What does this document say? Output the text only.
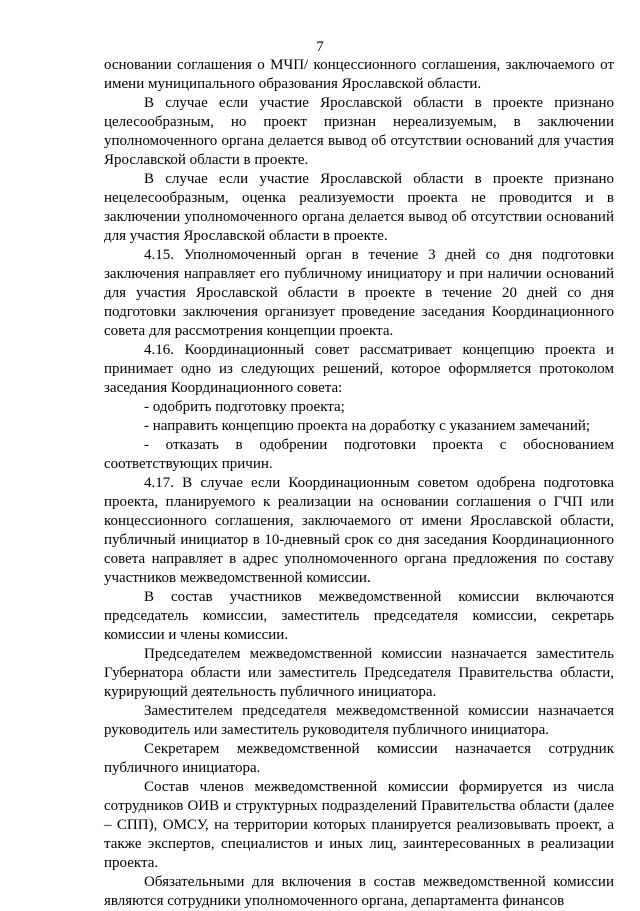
7

основании соглашения о МЧП/ концессионного соглашения, заключаемого от имени муниципального образования Ярославской области.

В случае если участие Ярославской области в проекте признано целесообразным, но проект признан нереализуемым, в заключении уполномоченного органа делается вывод об отсутствии оснований для участия Ярославской области в проекте.

В случае если участие Ярославской области в проекте признано нецелесообразным, оценка реализуемости проекта не проводится и в заключении уполномоченного органа делается вывод об отсутствии оснований для участия Ярославской области в проекте.

4.15. Уполномоченный орган в течение 3 дней со дня подготовки заключения направляет его публичному инициатору и при наличии оснований для участия Ярославской области в проекте в течение 20 дней со дня подготовки заключения организует проведение заседания Координационного совета для рассмотрения концепции проекта.

4.16. Координационный совет рассматривает концепцию проекта и принимает одно из следующих решений, которое оформляется протоколом заседания Координационного совета:

- одобрить подготовку проекта;

- направить концепцию проекта на доработку с указанием замечаний;

- отказать в одобрении подготовки проекта с обоснованием соответствующих причин.

4.17. В случае если Координационным советом одобрена подготовка проекта, планируемого к реализации на основании соглашения о ГЧП или концессионного соглашения, заключаемого от имени Ярославской области, публичный инициатор в 10-дневный срок со дня заседания Координационного совета направляет в адрес уполномоченного органа предложения по составу участников межведомственной комиссии.

В состав участников межведомственной комиссии включаются председатель комиссии, заместитель председателя комиссии, секретарь комиссии и члены комиссии.

Председателем межведомственной комиссии назначается заместитель Губернатора области или заместитель Председателя Правительства области, курирующий деятельность публичного инициатора.

Заместителем председателя межведомственной комиссии назначается руководитель или заместитель руководителя публичного инициатора.

Секретарем межведомственной комиссии назначается сотрудник публичного инициатора.

Состав членов межведомственной комиссии формируется из числа сотрудников ОИВ и структурных подразделений Правительства области (далее – СПП), ОМСУ, на территории которых планируется реализовывать проект, а также экспертов, специалистов и иных лиц, заинтересованных в реализации проекта.

Обязательными для включения в состав межведомственной комиссии являются сотрудники уполномоченного органа, департамента финансов
